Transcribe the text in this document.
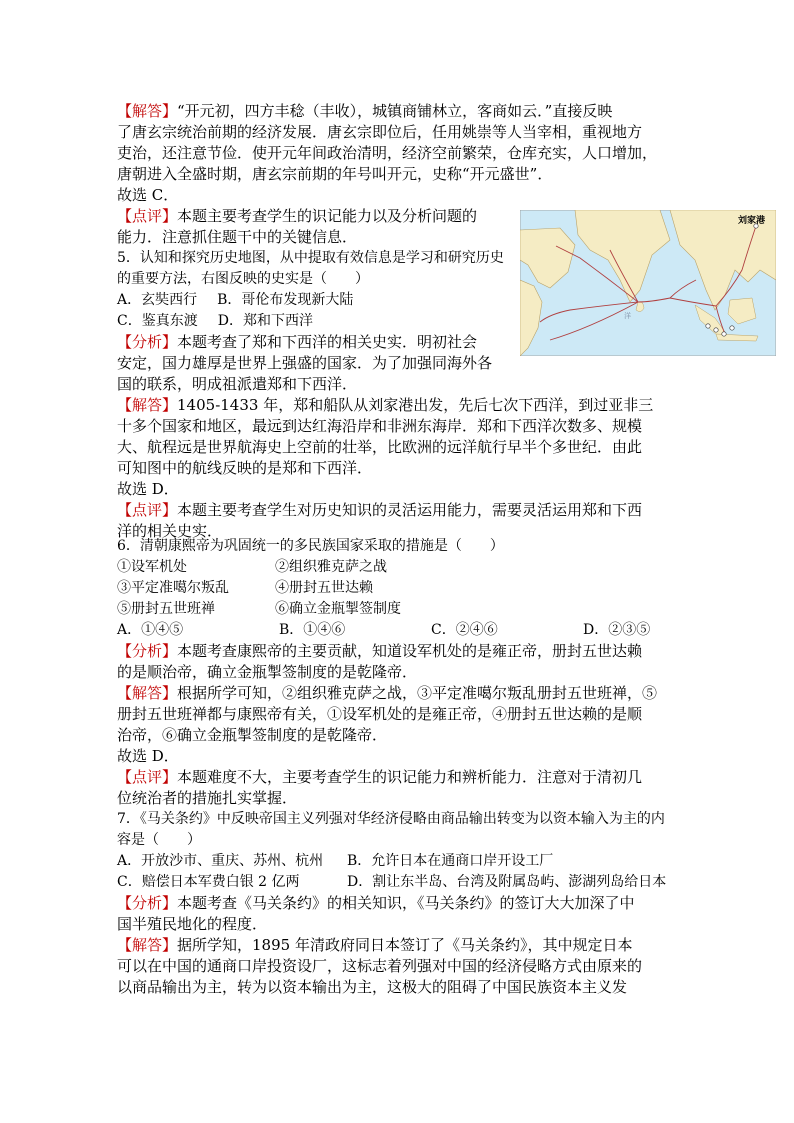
【解答】“开元初，四方丰稔（丰收），城镇商铺林立，客商如云．”直接反映
了唐玄宗统治前期的经济发展．唐玄宗即位后，任用姚崇等人当宰相，重视地方
吏治，还注意节俭．使开元年间政治清明，经济空前繁荣，仓库充实，人口增加，
唐朝进入全盛时期，唐玄宗前期的年号叫开元，史称“开元盛世”．
故选 C．
【点评】本题主要考查学生的识记能力以及分析问题的
能力．注意抓住题干中的关键信息．
5．认知和探究历史地图，从中提取有效信息是学习和研究历史
的重要方法，右图反映的史实是（　　）
A．玄奘西行 B．哥伦布发现新大陆
C．鉴真东渡 D．郑和下西洋
【分析】本题考查了郑和下西洋的相关史实．明初社会
安定，国力雄厚是世界上强盛的国家．为了加强同海外各
国的联系，明成祖派遣郑和下西洋．
【解答】1405-1433 年，郑和船队从刘家港出发，先后七次下西洋，到过亚非三
十多个国家和地区，最远到达红海沿岸和非洲东海岸．郑和下西洋次数多、规模
大、航程远是世界航海史上空前的壮举，比欧洲的远洋航行早半个多世纪．由此
可知图中的航线反映的是郑和下西洋．
故选 D．
【点评】本题主要考查学生对历史知识的灵活运用能力，需要灵活运用郑和下西
洋的相关史实．
刘家港
洋
6．清朝康熙帝为巩固统一的多民族国家采取的措施是（　　）
①设军机处	②组织雅克萨之战
③平定准噶尔叛乱	④册封五世达赖
⑤册封五世班禅	⑥确立金瓶掣签制度
A．①④⑤	B．①④⑥	C．②④⑥	D．②③⑤
【分析】本题考查康熙帝的主要贡献，知道设军机处的是雍正帝，册封五世达赖
的是顺治帝，确立金瓶掣签制度的是乾隆帝．
【解答】根据所学可知，②组织雅克萨之战，③平定准噶尔叛乱册封五世班禅，⑤
册封五世班禅都与康熙帝有关，①设军机处的是雍正帝，④册封五世达赖的是顺
治帝，⑥确立金瓶掣签制度的是乾隆帝．
故选 D．
【点评】本题难度不大，主要考查学生的识记能力和辨析能力．注意对于清初几
位统治者的措施扎实掌握．
7．《马关条约》中反映帝国主义列强对华经济侵略由商品输出转变为以资本输入为主的内
容是（　　）
A．开放沙市、重庆、苏州、杭州 B．允许日本在通商口岸开设工厂
C．赔偿日本军费白银 2 亿两	D．割让东半岛、台湾及附属岛屿、澎湖列岛给日本
【分析】本题考查《马关条约》的相关知识，《马关条约》的签订大大加深了中
国半殖民地化的程度．
【解答】据所学知，1895 年清政府同日本签订了《马关条约》，其中规定日本
可以在中国的通商口岸投资设厂，这标志着列强对中国的经济侵略方式由原来的
以商品输出为主，转为以资本输出为主，这极大的阻碍了中国民族资本主义发
